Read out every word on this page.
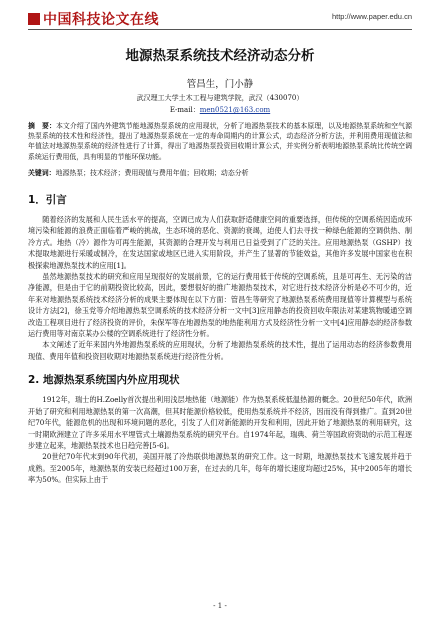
中国科技论文在线	http://www.paper.edu.cn
地源热泵系统技术经济动态分析
管昌生，门小静
武汉理工大学土木工程与建筑学院，武汉（430070）
E-mail：men0521@163.com

摘　要：本文介绍了国内外建筑节能地源热泵系统的应用现状，分析了地源热泵技术的基本原理，以及地源热泵系统和空气源热泵系统的技术性和经济性，提出了地源热泵系统在一定的寿命周期内的计算公式，动态经济分析方法，并利用费用现值法和年值法对地源热泵系统的经济性进行了计算，得出了地源热泵投资回收期计算公式，并实例分析表明地源热泵系统比传统空调系统运行费用低，具有明显的节能环保功能。

关键词：地源热泵；技术经济；费用现值与费用年值；回收期；动态分析

1．引言

随着经济的发展和人民生活水平的提高，空调已成为人们获取舒适健康空间的重要选择，但传统的空调系统因造成环境污染和能源的浪费正面临着严峻的挑战，生态环境的恶化、资源的衰竭，迫使人们去寻找一种绿色能源的空调供热、制冷方式。地热（冷）源作为可再生能源，其资源的合理开发与利用已日益受到了广泛的关注。应用地源热泵（GSHP）技术提取地源进行采暖或制冷，在发达国家或地区已进入实用阶段，并产生了显著的节能效益，其他许多发展中国家也在积极探索地源热泵技术的应用[1]。

虽然地源热泵技术的研究和应用呈现很好的发展前景，它的运行费用低于传统的空调系统，且是可再生、无污染的洁净能源，但是由于它的前期投资比较高，因此，要想很好的推广地源热泵技术，对它进行技术经济分析是必不可少的，近年来对地源热泵系统技术经济分析的成果主要体现在以下方面：管昌生等研究了地源热泵系统费用现值等计算模型与系统设计方法[2]，徐玉党等介绍地源热泵空调系统的技术经济分析一文中[3]应用静态的投资回收年限法对某建筑物暖通空调改造工程项目进行了经济投资的评价，朱保军等在地源热泵的地热能利用方式及经济性分析一文中[4]应用静态的经济参数运行费用等对南京某办公楼的空调系统进行了经济性分析。

本文阐述了近年来国内外地源热泵系统的应用现状，分析了地源热泵系统的技术性，提出了运用动态的经济参数费用现值、费用年值和投资回收期对地源热泵系统进行经济性分析。

2. 地源热泵系统国内外应用现状

1912年，瑞士的H.Zoelly首次提出利用浅层地热能（地源能）作为热泵系统低温热源的概念。20世纪50年代，欧洲开始了研究和利用地源热泵的第一次高潮，但其时能源价格较低，使用热泵系统并不经济，因而没有得到推广。直到20世纪70年代，能源危机的出现和环境问题的恶化，引发了人们对新能源的开发和利用，因此开始了地源热泵的利用研究，这一时期欧洲建立了许多采用水平埋管式土壤源热泵系统的研究平台。自1974年起，瑞典、荷兰等国政府资助的示范工程逐步建立起来，地源热泵技术也日趋完善[5-6]。

20世纪70年代末到90年代初，美国开展了冷热联供地源热泵的研究工作。这一时期，地源热泵技术飞速发展并趋于成熟。至2005年，地源热泵的安装已经超过100万套，在过去的几年，每年的增长速度均超过25%，其中2005年的增长率为50%。但实际上由于

- 1 -
